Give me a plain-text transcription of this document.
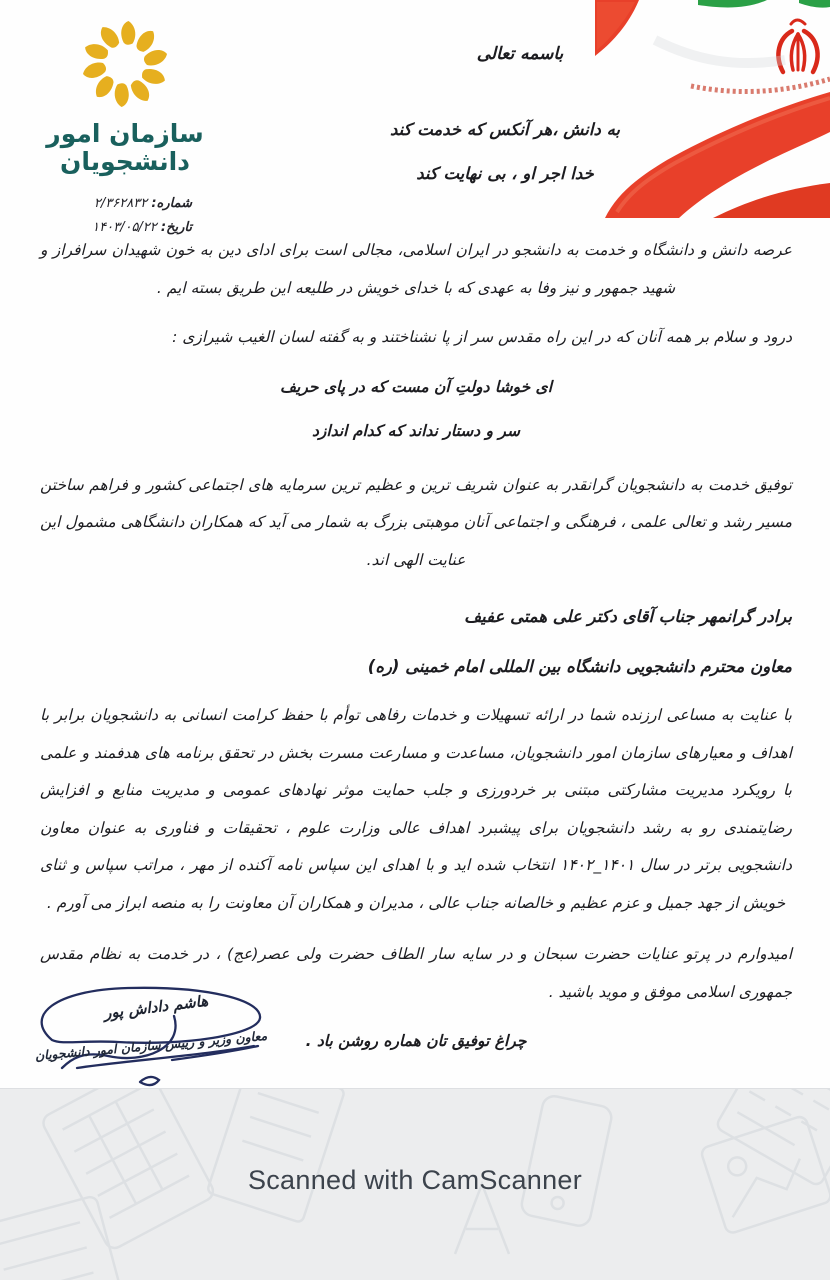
سازمان امور
دانشجویان
شماره: ۲/۳۶۲۸۳۲
تاریخ: ۱۴۰۳/۰۵/۲۲
باسمه تعالی
به دانش ،هر آنکس که خدمت کند
خدا اجر او ، بی نهایت کند

عرصه دانش و دانشگاه و خدمت به دانشجو در ایران اسلامی، مجالی است برای ادای دین به خون شهیدان سرافراز و شهید جمهور و نیز وفا به عهدی که با خدای خویش در طلیعه این طریق بسته ایم .

درود و سلام بر همه آنان که در این راه مقدس سر از پا نشناختند و به گفته لسان الغیب شیرازی :

ای خوشا دولتِ آن مست که در پای حریف
سر و دستار نداند که کدام اندازد

توفیق خدمت به دانشجویان گرانقدر به عنوان شریف ترین و عظیم ترین سرمایه های اجتماعی کشور و فراهم ساختن مسیر رشد و تعالی علمی ، فرهنگی و اجتماعی آنان موهبتی بزرگ به شمار می آید که همکاران دانشگاهی مشمول این عنایت الهی اند.

برادر گرانمهر جناب آقای دکتر علی همتی عفیف

معاون محترم دانشجویی دانشگاه بین المللی امام خمینی (ره)

با عنایت به مساعی ارزنده شما در ارائه تسهیلات و خدمات رفاهی توأم با حفظ کرامت انسانی به دانشجویان برابر با اهداف و معیارهای سازمان امور دانشجویان، مساعدت و مسارعت مسرت بخش در تحقق برنامه های هدفمند و علمی با رویکرد مدیریت مشارکتی مبتنی بر خردورزی و جلب حمایت موثر نهادهای عمومی و مدیریت منابع و افزایش رضایتمندی رو به رشد دانشجویان برای پیشبرد اهداف عالی وزارت علوم ، تحقیقات و فناوری به عنوان معاون دانشجویی برتر در سال ۱۴۰۱_۱۴۰۲ انتخاب شده اید و با اهدای این سپاس نامه آکنده از مهر ، مراتب سپاس و ثنای خویش از جهد جمیل و عزم عظیم و خالصانه جناب عالی ، مدیران و همکاران آن معاونت را به منصه ابراز می آورم .

امیدوارم در پرتو عنایات حضرت سبحان و در سایه سار الطاف حضرت ولی عصر(عج) ، در خدمت به نظام مقدس جمهوری اسلامی موفق و موید باشید .

چراغ توفیق تان هماره روشن باد .

هاشم داداش پور
معاون وزیر و رییس سازمان امور دانشجویان
Scanned with CamScanner
